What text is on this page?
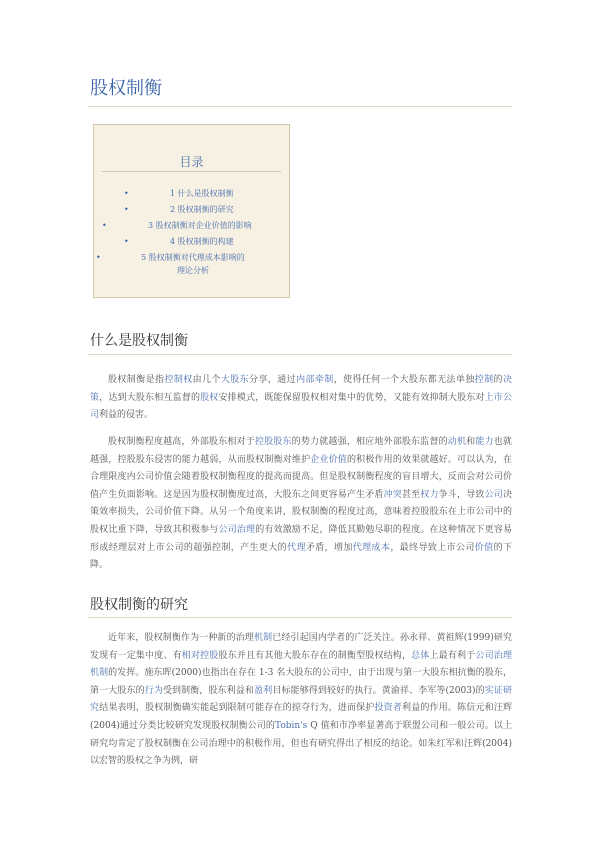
股权制衡
目录
•	1 什么是股权制衡
•	2 股权制衡的研究
•	3 股权制衡对企业价值的影响
•	4 股权制衡的构建
•	5 股权制衡对代理成本影响的理论分析
什么是股权制衡

股权制衡是指控制权由几个大股东分享，通过内部牵制，使得任何一个大股东都无法单独控制的决策，达到大股东相互监督的股权安排模式，既能保留股权相对集中的优势，又能有效抑制大股东对上市公司利益的侵害。

股权制衡程度越高，外部股东相对于控股股东的势力就越强，相应地外部股东监督的动机和能力也就越强，控股股东侵害的能力越弱，从而股权制衡对维护企业价值的积极作用的效果就越好。可以认为，在合理限度内公司价值会随着股权制衡程度的提高而提高。但是股权制衡程度的盲目增大，反而会对公司价值产生负面影响。这是因为股权制衡度过高，大股东之间更容易产生矛盾冲突甚至权力争斗，导致公司决策效率损失，公司价值下降。从另一个角度来讲，股权制衡的程度过高，意味着控股股东在上市公司中的股权比重下降，导致其积极参与公司治理的有效激励不足，降低其勤勉尽职的程度。在这种情况下更容易形成经理层对上市公司的超强控制，产生更大的代理矛盾，增加代理成本，最终导致上市公司价值的下降。

股权制衡的研究

近年来，股权制衡作为一种新的治理机制已经引起国内学者的广泛关注。孙永祥、黄祖辉(1999)研究发现有一定集中度、有相对控股股东并且有其他大股东存在的制衡型股权结构，总体上最有利于公司治理机制的发挥。施东晖(2000)也指出在存在 1-3 名大股东的公司中，由于出现与第一大股东相抗衡的股东，第一大股东的行为受到制衡，股东利益和盈利目标能够得到较好的执行。黄渝祥、李军等(2003)的实证研究结果表明，股权制衡确实能起到限制可能存在的掠夺行为，进而保护投资者利益的作用。陈信元和汪辉(2004)通过分类比较研究发现股权制衡公司的Tobin's Q 值和市净率显著高于联盟公司和一般公司。以上研究均肯定了股权制衡在公司治理中的积极作用，但也有研究得出了相反的结论。如朱红军和汪辉(2004)以宏智的股权之争为例，研
